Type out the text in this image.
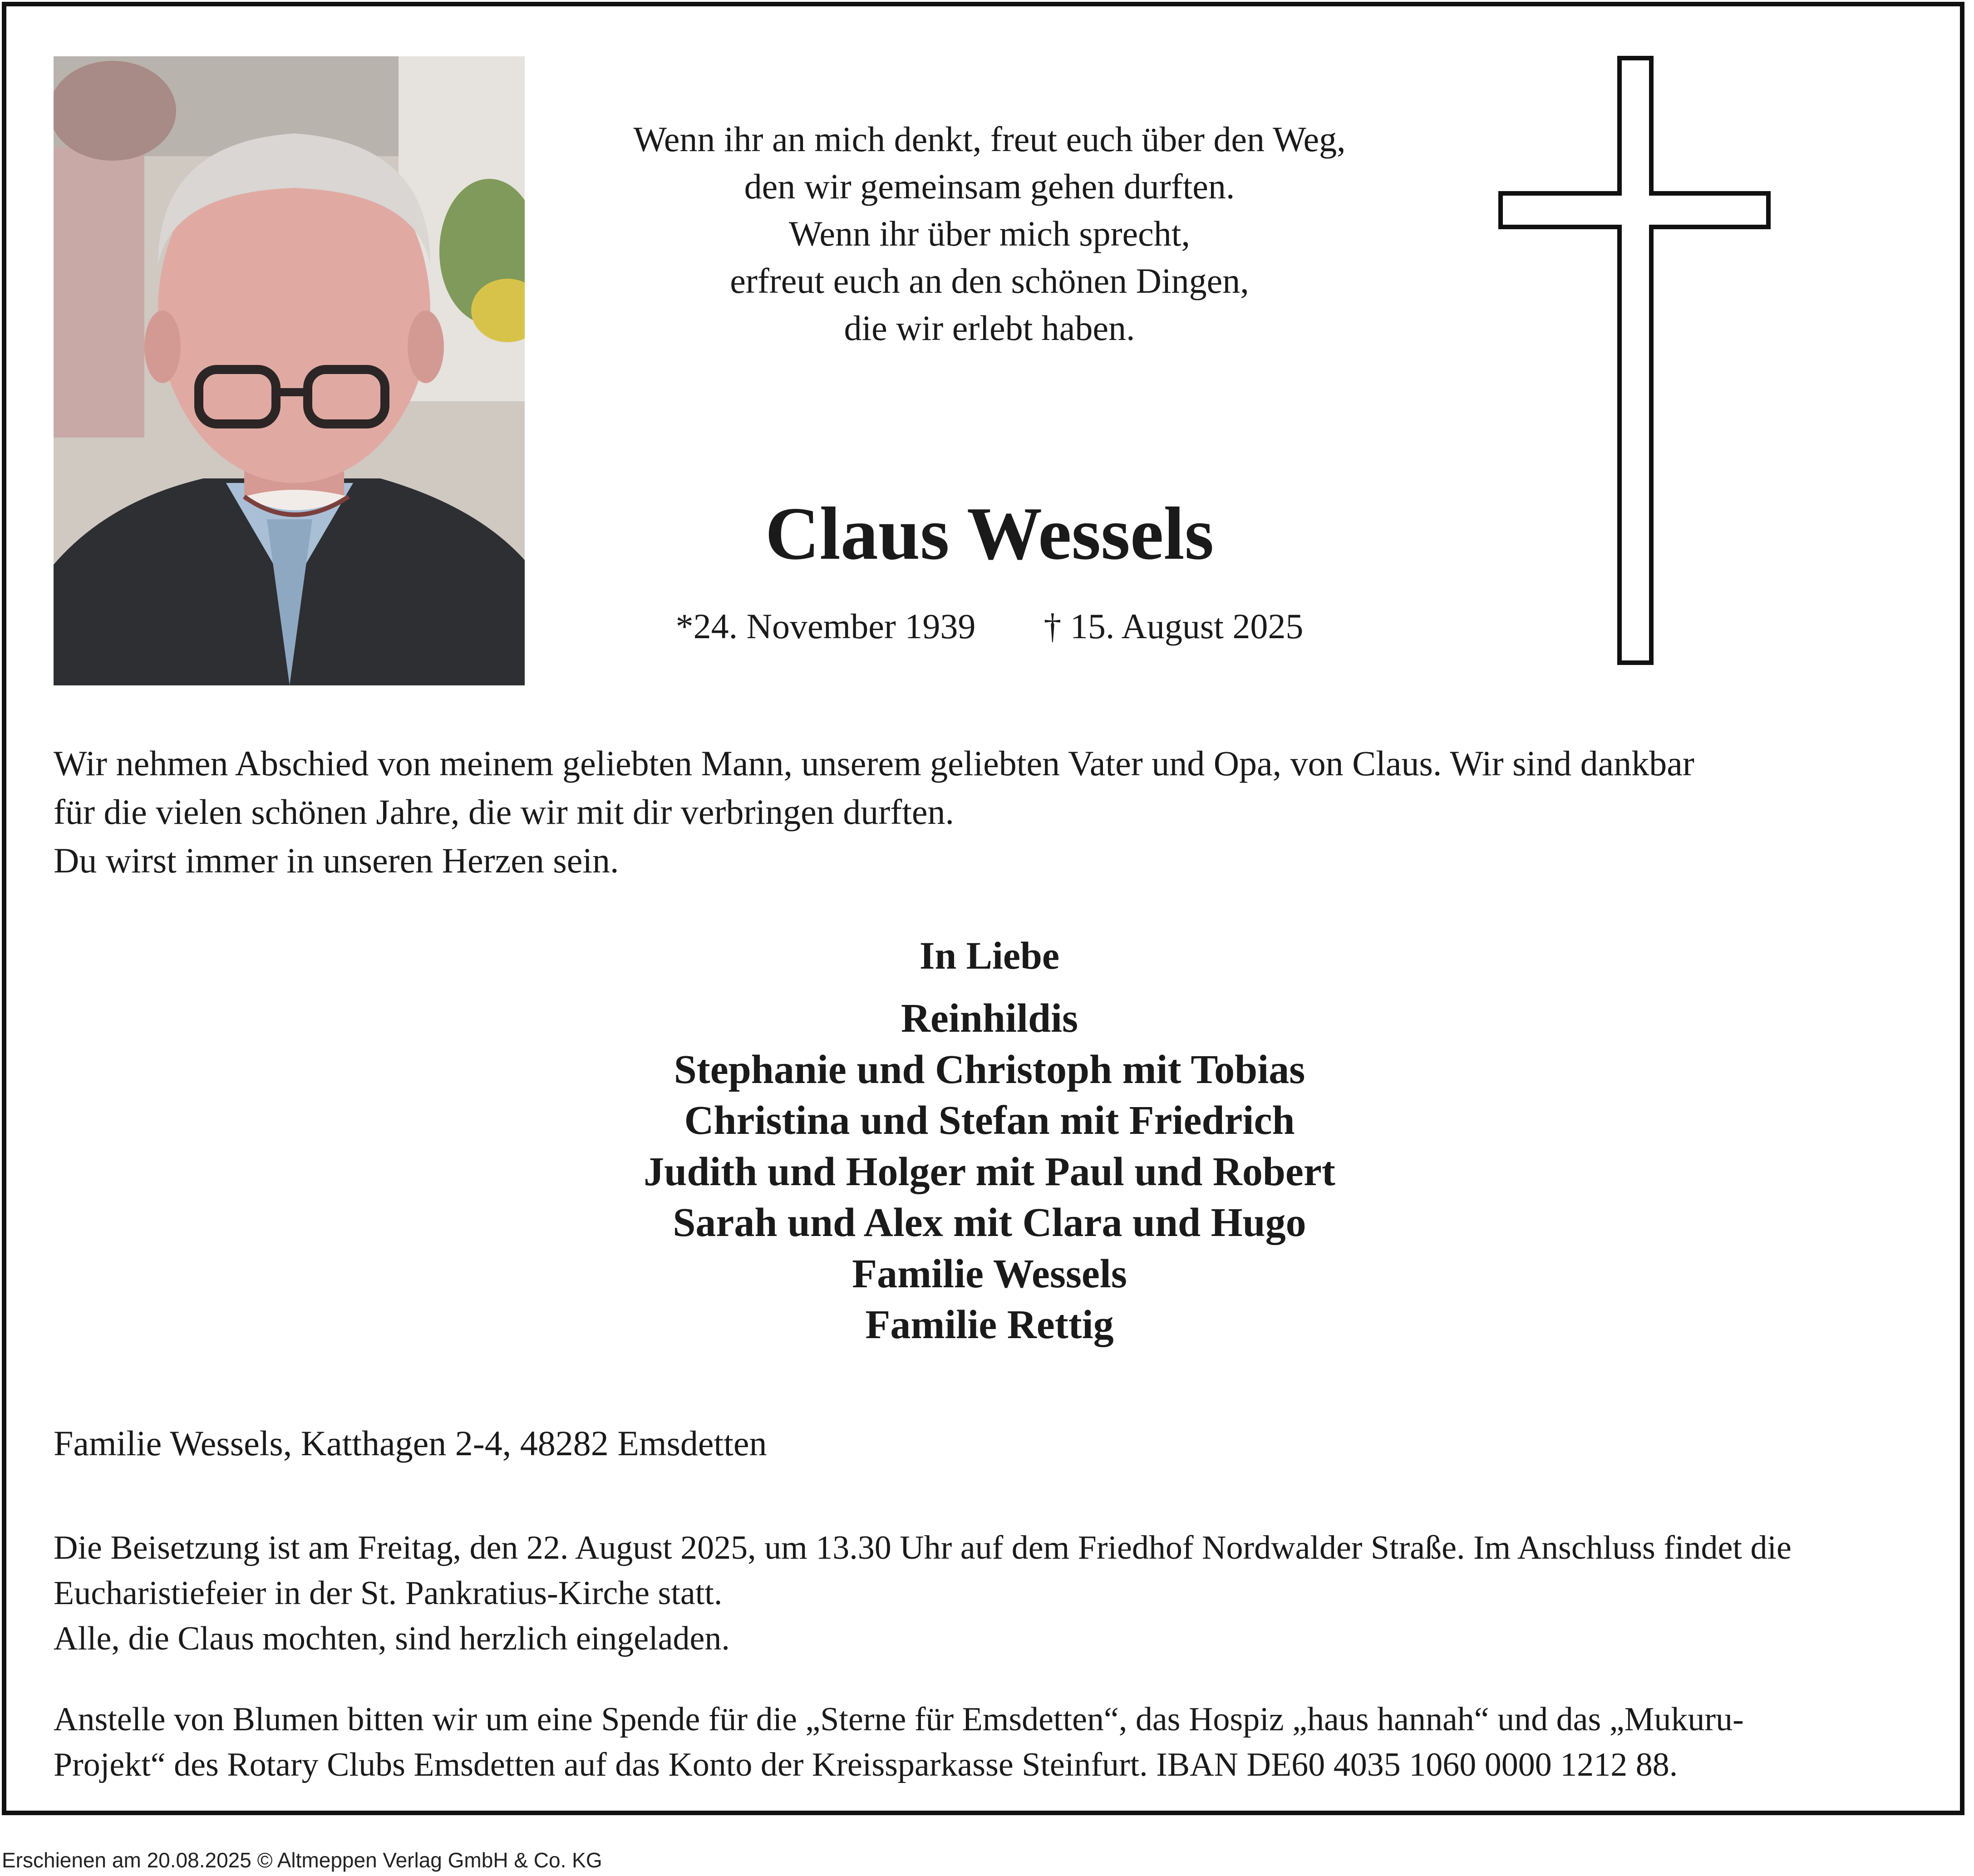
Wenn ihr an mich denkt, freut euch über den Weg,
den wir gemeinsam gehen durften.
Wenn ihr über mich sprecht,
erfreut euch an den schönen Dingen,
die wir erlebt haben.
Claus Wessels
*24. November 1939 † 15. August 2025
Wir nehmen Abschied von meinem geliebten Mann, unserem geliebten Vater und Opa, von Claus. Wir sind dankbar
für die vielen schönen Jahre, die wir mit dir verbringen durften.
Du wirst immer in unseren Herzen sein.
In Liebe
Reinhildis
Stephanie und Christoph mit Tobias
Christina und Stefan mit Friedrich
Judith und Holger mit Paul und Robert
Sarah und Alex mit Clara und Hugo
Familie Wessels
Familie Rettig
Familie Wessels, Katthagen 2-4, 48282 Emsdetten
Die Beisetzung ist am Freitag, den 22. August 2025, um 13.30 Uhr auf dem Friedhof Nordwalder Straße. Im Anschluss findet die
Eucharistiefeier in der St. Pankratius-Kirche statt.
Alle, die Claus mochten, sind herzlich eingeladen.
Anstelle von Blumen bitten wir um eine Spende für die „Sterne für Emsdetten“, das Hospiz „haus hannah“ und das „Mukuru-
Projekt“ des Rotary Clubs Emsdetten auf das Konto der Kreissparkasse Steinfurt. IBAN DE60 4035 1060 0000 1212 88.
Erschienen am 20.08.2025 © Altmeppen Verlag GmbH & Co. KG
